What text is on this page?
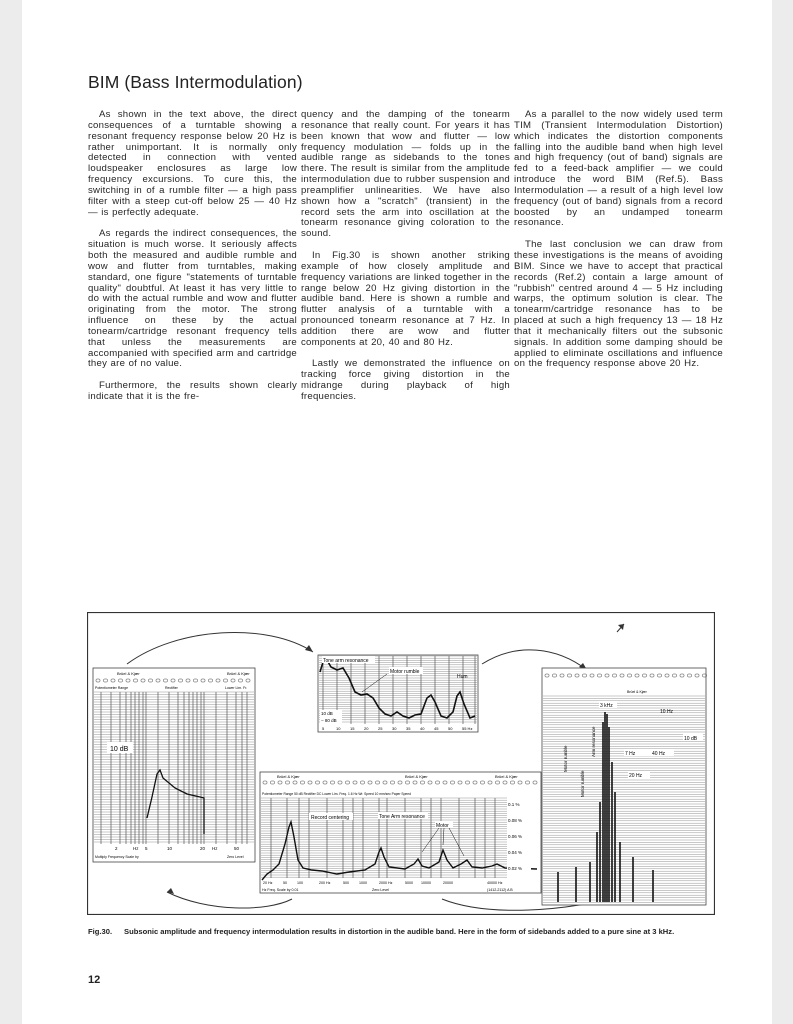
BIM (Bass Intermodulation)

As shown in the text above, the direct consequences of a turntable showing a resonant frequency response below 20 Hz is rather unimportant. It is normally only detected in connection with vented loudspeaker enclosures as large low frequency excursions. To cure this, the switching in of a rumble filter — a high pass filter with a steep cut-off below 25 — 40 Hz — is perfectly adequate.

As regards the indirect consequences, the situation is much worse. It seriously affects both the measured and audible rumble and wow and flutter from turntables, making standard, one figure "statements of turntable quality" doubtful. At least it has very little to do with the actual rumble and wow and flutter originating from the motor. The strong influence on these by the actual tonearm/cartridge resonant frequency tells that unless the measurements are accompanied with specified arm and cartridge they are of no value.

Furthermore, the results shown clearly indicate that it is the fre-

quency and the damping of the tonearm resonance that really count. For years it has been known that wow and flutter — low frequency modulation — folds up in the audible range as sidebands to the tones there. The result is similar from the amplitude intermodulation due to rubber suspension and preamplifier unlinearities. We have also shown how a "scratch" (transient) in the record sets the arm into oscillation at the tonearm resonance giving coloration to the sound.

In Fig.30 is shown another striking example of how closely amplitude and frequency variations are linked together in the range below 20 Hz giving distortion in the audible band. Here is shown a rumble and flutter analysis of a turntable with a pronounced tonearm resonance at 7 Hz. In addition there are wow and flutter components at 20, 40 and 80 Hz.

Lastly we demonstrated the influence on tracking force giving distortion in the midrange during playback of high frequencies.

As a parallel to the now widely used term TIM (Transient Intermodulation Distortion) which indicates the distortion components falling into the audible band when high level and high frequency (out of band) signals are fed to a feed-back amplifier — we could introduce the word BIM (Ref.5). Bass Intermodulation — a result of a high level low frequency (out of band) signals from a record boosted by an undamped tonearm resonance.

The last conclusion we can draw from these investigations is the means of avoiding BIM. Since we have to accept that practical records (Ref.2) contain a large amount of "rubbish" centred around 4 — 5 Hz including warps, the optimum solution is clear. The tonearm/cartridge resonance has to be placed at such a high frequency 13 — 18 Hz that it mechanically filters out the subsonic signals. In addition some damping should be applied to eliminate oscillations and influence on the frequency response above 20 Hz.

Brüel & Kjær	Brüel & Kjær
Potentiometer Range	Rectifier	Lower Lim. Fr.
10 dB
2	Hz 5	10	20 Hz	50
Multiply Frequency Scale by	Zero Level
Tone arm resonance
Motor rumble
Hum
10 dB
− 80 dB
5	10 15 20 25 30 35 40 45 50 55 Hz
Brüel & Kjær	Brüel & Kjær	Brüel & Kjær
Potentiometer Range 50 dB Rectifier DC Lower Lim. Freq. 1.6 Hz Wr. Speed 10 mm/sec Paper Speed
Record centering	Tone Arm resonance
Motor
0.1 %
0.08 %
0.06 %
0.04 %
0.02 %
20 Hz	50	100	200 Hz	500	1000	2000 Hz	5000 10000	20000	40000 Hz
Hz Freq. Scale by 0.01	Zero Level	(1412-2112) A B
Brüel & Kjær
3 kHz
10 Hz
10 dB
7 Hz	40 Hz
20 Hz
Motor rumble
Motor rumble
Arm resonance
Fig.30. Subsonic amplitude and frequency intermodulation results in distortion in the audible band. Here in the form of sidebands added to a pure sine at 3 kHz.
12
